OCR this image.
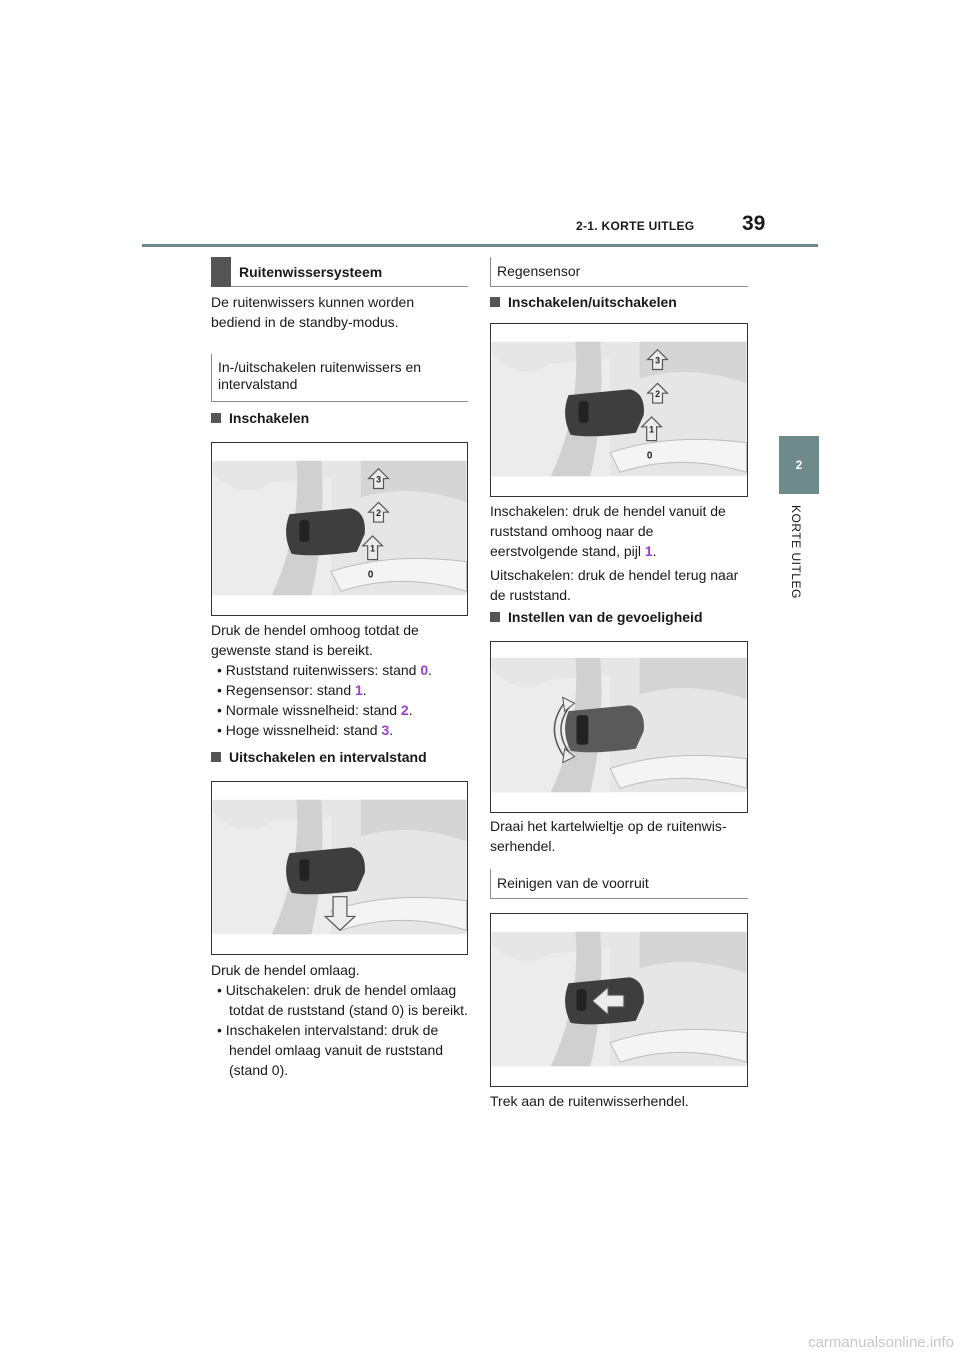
2-1. KORTE UITLEG 39
2
KORTE UITLEG
Ruitenwissersysteem
De ruitenwissers kunnen worden bediend in de standby-modus.
In-/uitschakelen ruitenwissers en intervalstand
Inschakelen
3
2
1
0
Druk de hendel omhoog totdat de gewenste stand is bereikt.
• Ruststand ruitenwissers: stand 0.
• Regensensor: stand 1.
• Normale wissnelheid: stand 2.
• Hoge wissnelheid: stand 3.
Uitschakelen en intervalstand
Druk de hendel omlaag.
• Uitschakelen: druk de hendel omlaag totdat de ruststand (stand 0) is bereikt.
• Inschakelen intervalstand: druk de hendel omlaag vanuit de ruststand (stand 0).
Regensensor
Inschakelen/uitschakelen
3
2
1
0
Inschakelen: druk de hendel vanuit de ruststand omhoog naar de eerstvolgende stand, pijl 1.
Uitschakelen: druk de hendel terug naar de ruststand.
Instellen van de gevoeligheid
Draai het kartelwieltje op de ruitenwis- serhendel.
Reinigen van de voorruit
Trek aan de ruitenwisserhendel.
carmanualsonline.info
